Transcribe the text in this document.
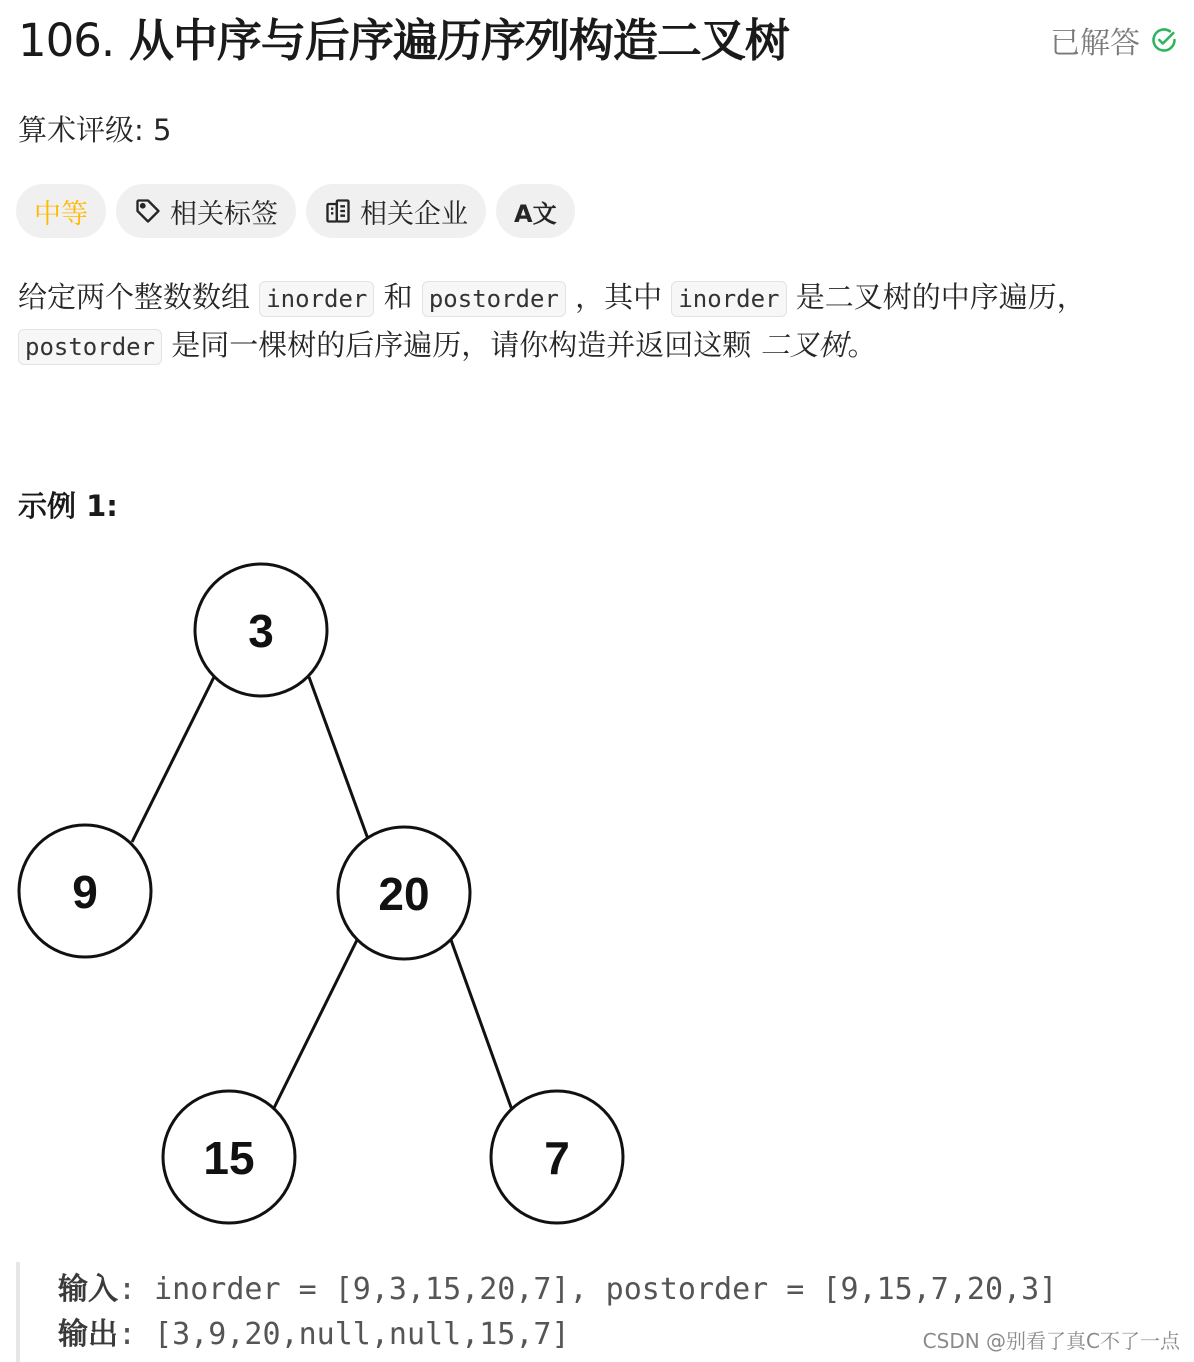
106. 从中序与后序遍历序列构造二叉树	已解答
算术评级: 5
中等	相关标签	相关企业 A文
给定两个整数数组 inorder 和 postorder ，其中 inorder 是二叉树的中序遍历，
postorder 是同一棵树的后序遍历，请你构造并返回这颗 二叉树。
示例 1:
3
9	20
15	7
输入: inorder = [9,3,15,20,7], postorder = [9,15,7,20,3]
输出: [3,9,20,null,null,15,7]	CSDN @别看了真C不了一点
